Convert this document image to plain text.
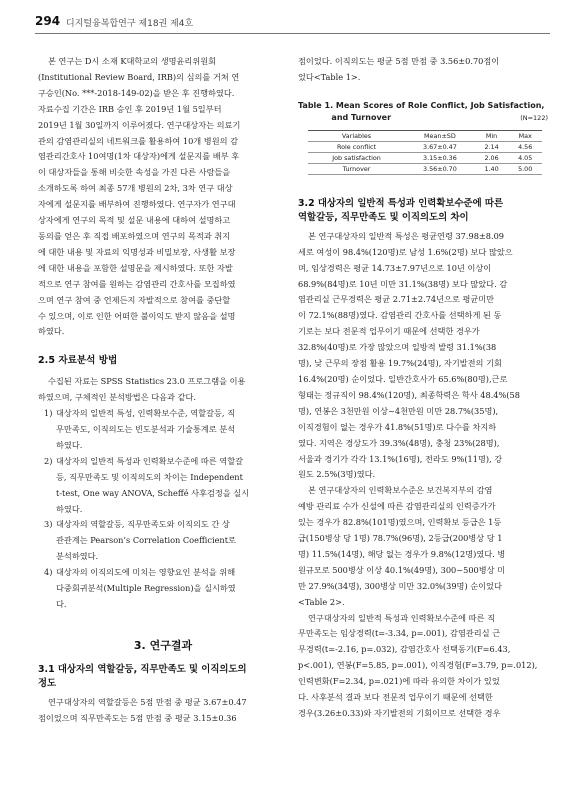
294 디지털융복합연구 제18권 제4호
본 연구는 D시 소재 K대학교의 생명윤리위원회
(Institutional Review Board, IRB)의 심의를 거쳐 연
구승인(No. ***-2018-149-02)을 받은 후 진행하였다.
자료수집 기간은 IRB 승인 후 2019년 1월 5일부터
2019년 1월 30일까지 이루어졌다. 연구대상자는 의료기
관의 감염관리실의 네트워크를 활용하여 10개 병원의 감
염관리간호사 10여명(1차 대상자)에게 설문지를 배부 후
이 대상자들을 통해 비슷한 속성을 가진 다른 사람들을
소개하도록 하여 최종 57개 병원의 2차, 3차 연구 대상
자에게 설문지를 배부하여 진행하였다. 연구자가 연구대
상자에게 연구의 목적 및 설문 내용에 대하여 설명하고
동의를 얻은 후 직접 배포하였으며 연구의 목적과 취지
에 대한 내용 및 자료의 익명성과 비밀보장, 사생활 보장
에 대한 내용을 포함한 설명문을 제시하였다. 또한 자발
적으로 연구 참여를 원하는 감염관리 간호사를 모집하였
으며 연구 참여 중 언제든지 자발적으로 참여를 중단할
수 있으며, 이로 인한 어떠한 불이익도 받지 않음을 설명
하였다.
2.5 자료분석 방법
수집된 자료는 SPSS Statistics 23.0 프로그램을 이용
하였으며, 구체적인 분석방법은 다음과 같다.
1) 대상자의 일반적 특성, 인력확보수준, 역할갈등, 직
무만족도, 이직의도는 빈도분석과 기술통계로 분석
하였다.
2) 대상자의 일반적 특성과 인력확보수준에 따른 역할갈
등, 직무만족도 및 이직의도의 차이는 Independent
t-test, One way ANOVA, Scheffé 사후검정을 실시
하였다.
3) 대상자의 역할갈등, 직무만족도와 이직의도 간 상
관관계는 Pearson’s Correlation Coefficient로
분석하였다.
4) 대상자의 이직의도에 미치는 영향요인 분석을 위해
다중회귀분석(Multiple Regression)을 실시하였
다.
3. 연구결과
3.1 대상자의 역할갈등, 직무만족도 및 이직의도의
정도
연구대상자의 역할갈등은 5점 만점 중 평균 3.67±0.47
점이었으며 직무만족도는 5점 만점 중 평균 3.15±0.36
점이었다. 이직의도는 평균 5점 만점 중 3.56±0.70점이
었다<Table 1>.
Table 1. Mean Scores of Role Conflict, Job Satisfaction,
and Turnover	(N=122)
Variables	Mean±SD	Min	Max
Role conflict	3.67±0.47	2.14	4.56
Job satisfaction	3.15±0.36	2.06	4.05
Turnover	3.56±0.70	1.40	5.00
3.2 대상자의 일반적 특성과 인력확보수준에 따른
역할갈등, 직무만족도 및 이직의도의 차이
본 연구대상자의 일반적 특성은 평균연령 37.98±8.09
세로 여성이 98.4%(120명)로 남성 1.6%(2명) 보다 많았으
며, 임상경력은 평균 14.73±7.97년으로 10년 이상이
68.9%(84명)로 10년 미만 31.1%(38명) 보다 많았다. 감
염관리실 근무경력은 평균 2.71±2.74년으로 평균미만
이 72.1%(88명)였다. 감염관리 간호사를 선택하게 된 동
기로는 보다 전문적 업무이기 때문에 선택한 경우가
32.8%(40명)로 가장 많았으며 일방적 발령 31.1%(38
명), 낮 근무의 장점 활용 19.7%(24명), 자기발전의 기회
16.4%(20명) 순이었다. 일반간호사가 65.6%(80명),근로
형태는 정규직이 98.4%(120명), 최종학력은 학사 48.4%(58
명), 연봉은 3천만원 이상~4천만원 미만 28.7%(35명),
이직경험이 없는 경우가 41.8%(51명)로 다수를 차지하
였다. 지역은 경상도가 39.3%(48명), 충청 23%(28명),
서울과 경기가 각각 13.1%(16명), 전라도 9%(11명), 강
원도 2.5%(3명)였다.
본 연구대상자의 인력확보수준은 보건복지부의 감염
예방 관리료 수가 신설에 따른 감염관리실의 인력증가가
있는 경우가 82.8%(101명)였으며, 인력확보 등급은 1등
급(150병상 당 1명) 78.7%(96명), 2등급(200병상 당 1
명) 11.5%(14명), 해당 없는 경우가 9.8%(12명)였다. 병
원규모로 500병상 이상 40.1%(49명), 300~500병상 미
만 27.9%(34명), 300병상 미만 32.0%(39명) 순이었다
<Table 2>.
연구대상자의 일반적 특성과 인력확보수준에 따른 직
무만족도는 임상경력(t=-3.34, p=.001), 감염관리실 근
무경력(t=-2.16, p=.032), 감염간호사 선택동기(F=6.43,
p<.001), 연봉(F=5.85, p=.001), 이직경험(F=3.79, p=.012),
인력변화(F=2.34, p=.021)에 따라 유의한 차이가 있었
다. 사후분석 결과 보다 전문적 업무이기 때문에 선택한
경우(3.26±0.33)와 자기발전의 기회이므로 선택한 경우
